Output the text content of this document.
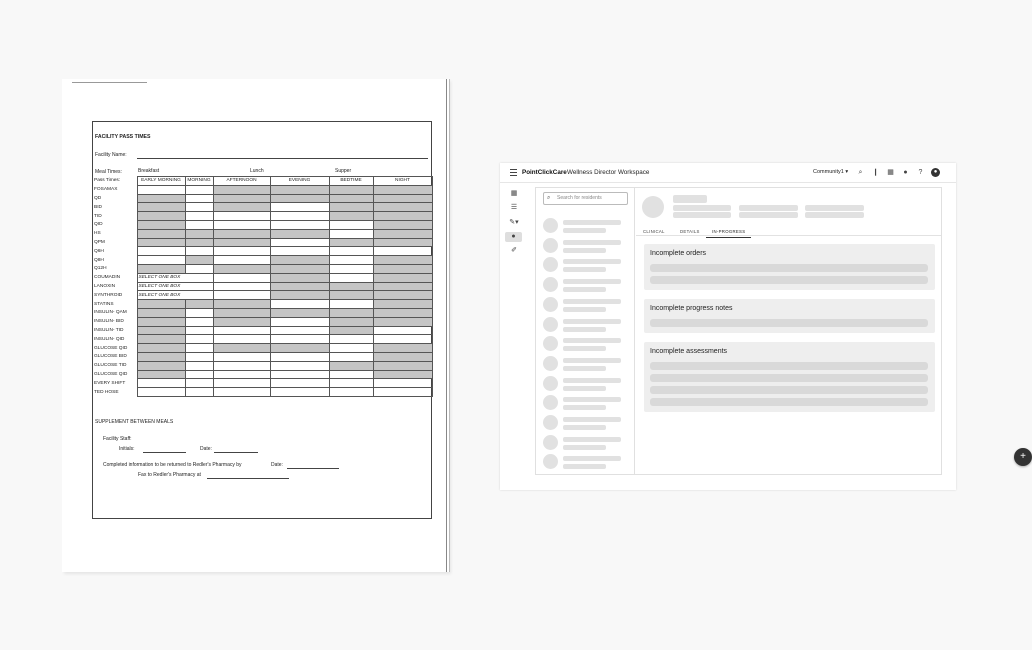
FACILITY PASS TIMES
Facility Name:
Meal Times:	Breakfast	Lunch	Supper
Pass Times:	EARLY MORNING	MORNING	AFTERNOON	EVENING	BEDTIME	NIGHT
FOSAMAX						
QD						
BID						
TID						
QID						
HS						
QPM						
Q6H						
Q8H						
Q12H						
COUMADIN	SELECT ONE BOX					
LANOXIN	SELECT ONE BOX					
SYNTHROID	SELECT ONE BOX					
STATINS						
INSULIN- QAM						
INSULIN- BID						
INSULIN- TID						
INSULIN- QID						
GLUCOSE QID						
GLUCOSE BID						
GLUCOSE TID						
GLUCOSE QID						
EVERY SHIFT						
TED HOSE						
SUPPLEMENT BETWEEN MEALS
Facility Staff:
Initials:	Date:
Completed information to be returned to Redler's Pharmacy by	Date:
Fax to Redler's Pharmacy at
PointClickCare Wellness Director Workspace	Community1 ▾	⌕	❙ ▦	●	?	●
▦
☰
✎▾
●
✐
⌕ Search for residents
CLINICAL	DETAILS	IN-PROGRESS
Incomplete orders
Incomplete progress notes
Incomplete assessments
+
